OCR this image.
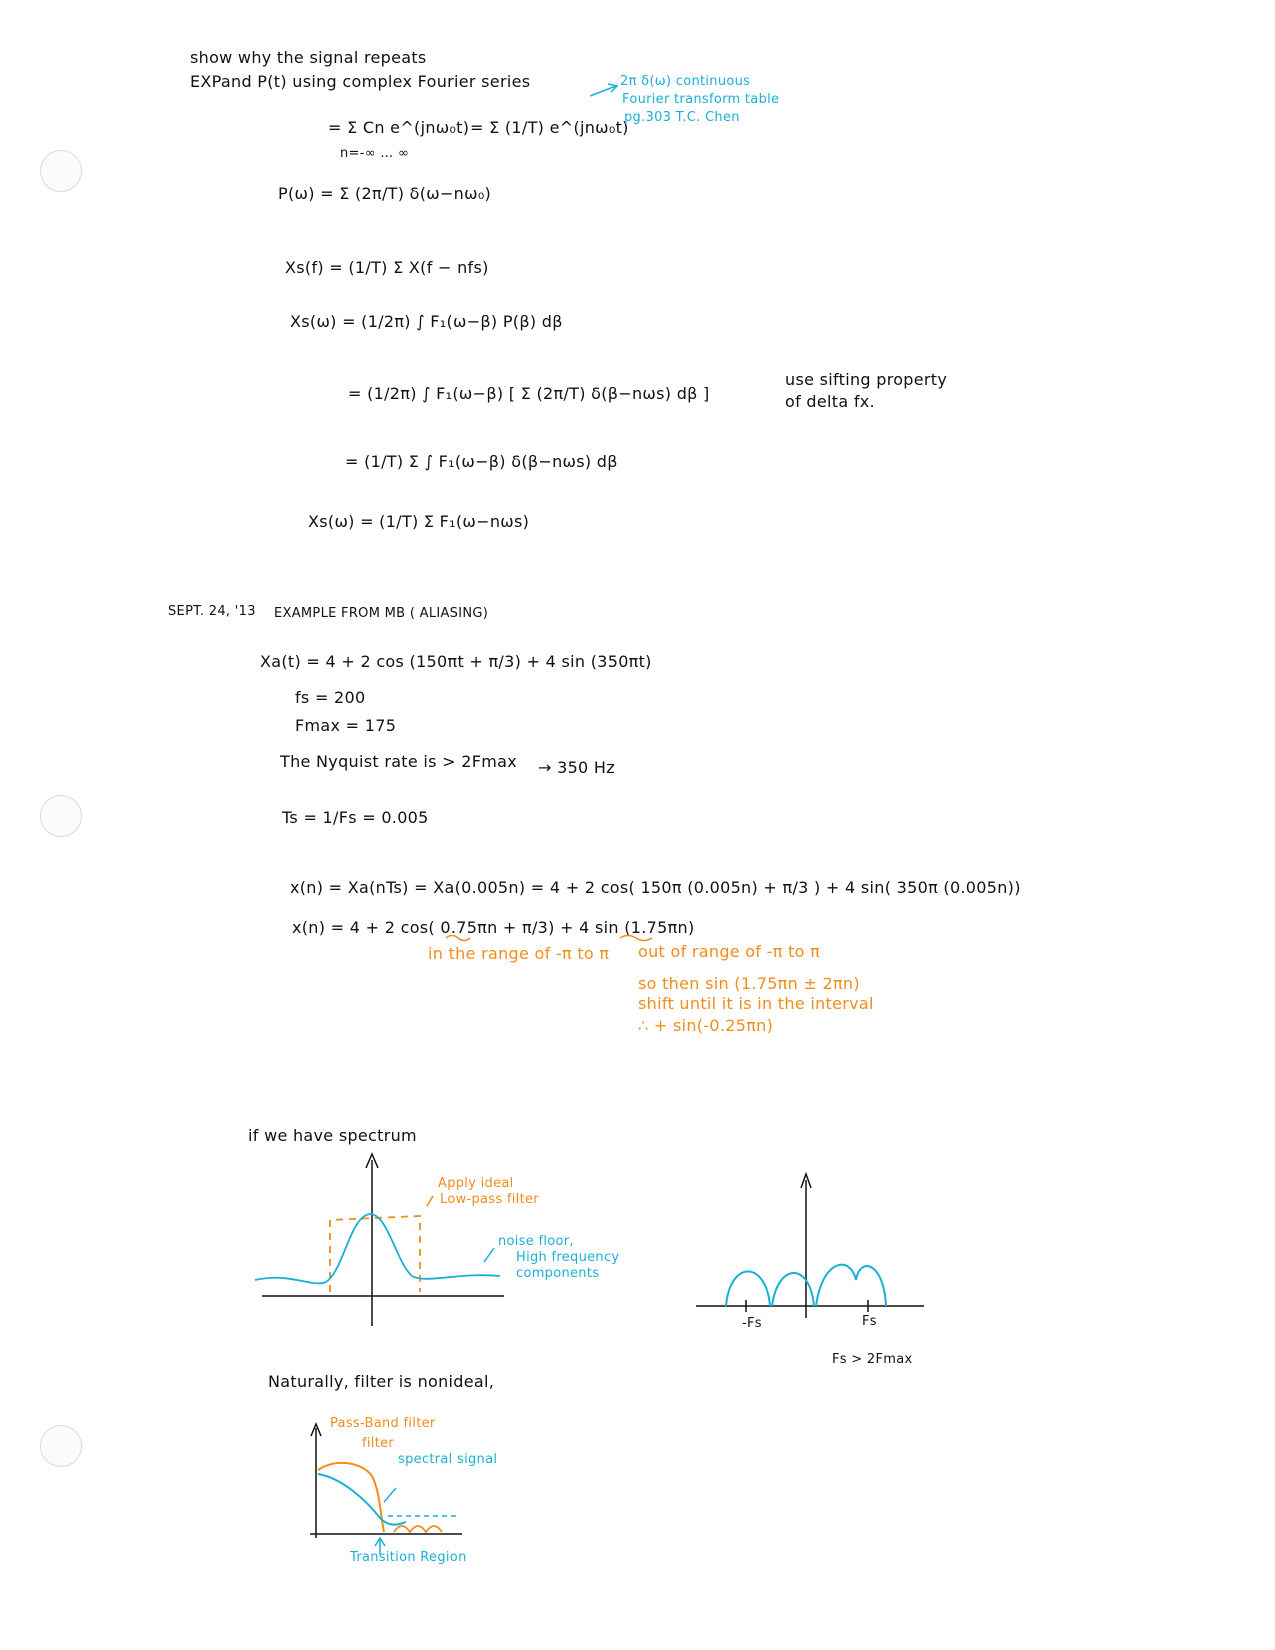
show why the signal repeats
EXPand P(t) using complex Fourier series
= Σ Cn e^(jnω₀t)
n=-∞ … ∞
= Σ (1/T) e^(jnω₀t)
2π δ(ω) continuous
Fourier transform table
pg.303 T.C. Chen
P(ω) = Σ (2π/T) δ(ω−nω₀)
Xs(f) = (1/T) Σ X(f − nfs)
Xs(ω) = (1/2π) ∫ F₁(ω−β) P(β) dβ
= (1/2π) ∫ F₁(ω−β) [ Σ (2π/T) δ(β−nωs) dβ ]
use sifting property
of delta fx.
= (1/T) Σ ∫ F₁(ω−β) δ(β−nωs) dβ
Xs(ω) = (1/T) Σ F₁(ω−nωs)
SEPT. 24, '13 EXAMPLE FROM MB ( ALIASING)
Xa(t) = 4 + 2 cos (150πt + π/3) + 4 sin (350πt)
fs = 200
Fmax = 175
The Nyquist rate is > 2Fmax → 350 Hz
Ts = 1/Fs = 0.005
x(n) = Xa(nTs) = Xa(0.005n) = 4 + 2 cos( 150π (0.005n) + π/3 ) + 4 sin( 350π (0.005n))
x(n) = 4 + 2 cos( 0.75πn + π/3) + 4 sin (1.75πn)
in the range of -π to π out of range of -π to π
so then sin (1.75πn ± 2πn)
shift until it is in the interval
∴ + sin(-0.25πn)
if we have spectrum
Apply ideal
Low-pass filter
noise floor,
High frequency
components
-Fs	Fs
Fs > 2Fmax
Naturally, filter is nonideal,
Pass-Band filter
filter
spectral signal
Transition Region
